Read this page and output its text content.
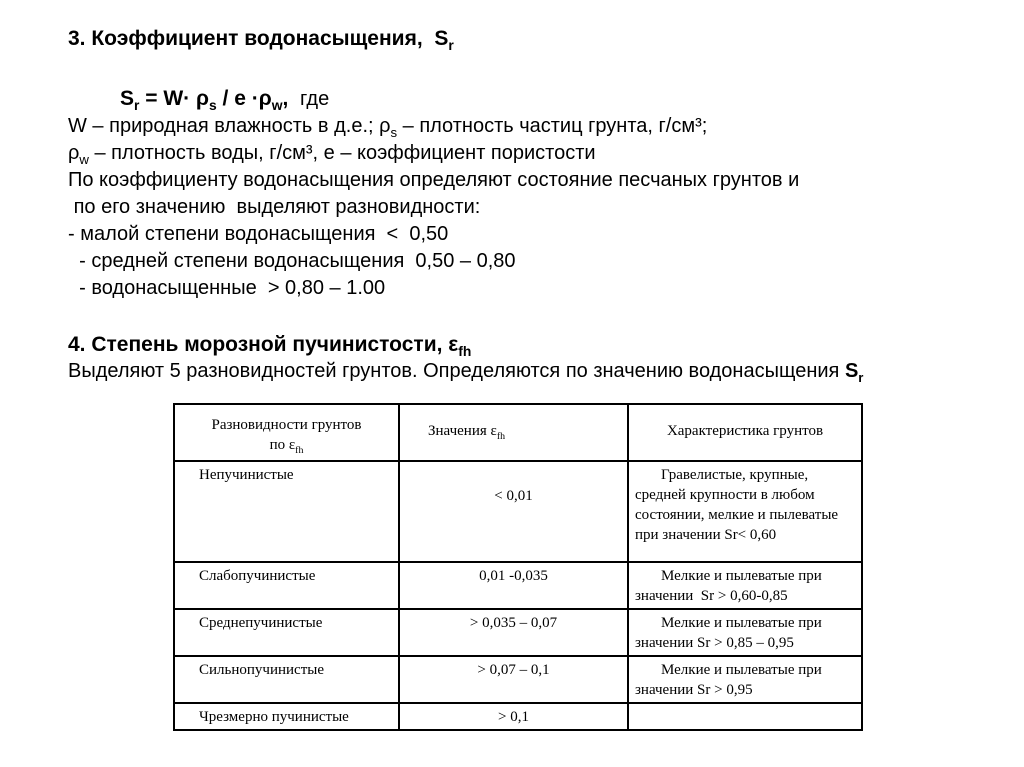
3. Коэффициент водонасыщения,  $S_r$
$S_r = W\cdot \rho_s / e \cdot\rho_w$,  где

W – природная влажность в д.е.; $\rho_s$ – плотность частиц грунта, г/см³;

$\rho_w$ – плотность воды, г/см³, е – коэффициент пористости

По коэффициенту водонасыщения определяют состояние песчаных грунтов и

по его значению  выделяют разновидности:

- малой степени водонасыщения  <  0,50

- средней степени водонасыщения  0,50 – 0,80

- водонасыщенные  > 0,80 – 1.00

4. Степень морозной пучинистости, $\varepsilon_{fh}$

Выделяют 5 разновидностей грунтов. Определяются по значению водонасыщения $S_r$

Разновидности грунтов
по $\varepsilon_{fh}$	Значения $\varepsilon_{fh}$	Характеристика грунтов
Непучинистые	< 0,01	Гравелистые, крупные, средней крупности в любом состоянии, мелкие и пылеватые при значении Sr< 0,60
Слабопучинистые	0,01 -0,035	Мелкие и пылеватые при значении  Sr > 0,60-0,85
Среднепучинистые	> 0,035 – 0,07	Мелкие и пылеватые при значении Sr > 0,85 – 0,95
Сильнопучинистые	> 0,07 – 0,1	Мелкие и пылеватые при значении Sr > 0,95
Чрезмерно пучинистые	> 0,1	
